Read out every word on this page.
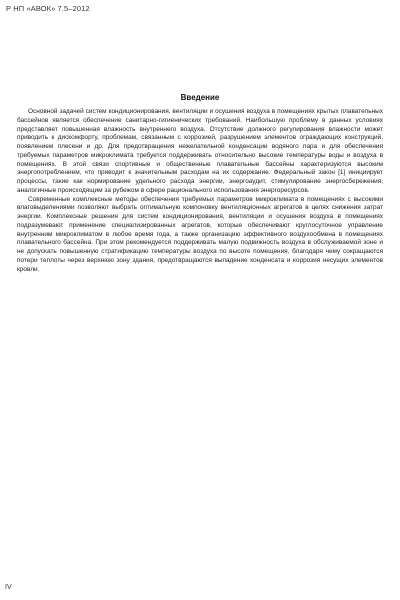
Р НП «АВОК» 7.5–2012
Введение

Основной задачей систем кондиционирования, вентиляции и осушения воздуха в помещениях крытых плавательных бассейнов является обеспечение санитарно-гигиенических требований. Наибольшую проблему в данных условиях представляет повышенная влажность внутреннего воздуха. Отсутствие должного регулирования влажности может приводить к дискомфорту, проблемам, связанным с коррозией, разрушением элементов ограждающих конструкций, появлением плесени и др. Для предотвращения нежелательной конденсации водяного пара и для обеспечения требуемых параметров микроклимата требуется поддерживать относительно высокие температуры воды и воздуха в помещениях. В этой связи спортивные и общественные плавательные бассейны характеризуются высоким энергопотреблением, что приводит к значительным расходам на их содержание. Федеральный закон [1] инициирует процессы, такие как нормирование удельного расхода энергии, энергоаудит, стимулирование энергосбережения, аналогичные происходящим за рубежом в сфере рационального использования энергоресурсов.

Современные комплексные методы обеспечения требуемых параметров микроклимата в помещениях с высокими влаговыделениями позволяют выбрать оптимальную компоновку вентиляционных агрегатов в целях снижения затрат энергии. Комплексные решения для систем кондиционирования, вентиляции и осушения воздуха в помещениях подразумевают применение специализированных агрегатов, которые обеспечивают круглосуточное управление внутренним микроклиматом в любое время года, а также организацию эффективного воздухообмена в помещениях плавательного бассейна. При этом рекомендуется поддерживать малую подвижность воздуха в обслуживаемой зоне и не допускать повышенную стратификацию температуры воздуха по высоте помещения, благодаря чему сокращаются потери теплоты через верхнюю зону здания, предотвращаются выпадение конденсата и коррозия несущих элементов кровли.

IV
